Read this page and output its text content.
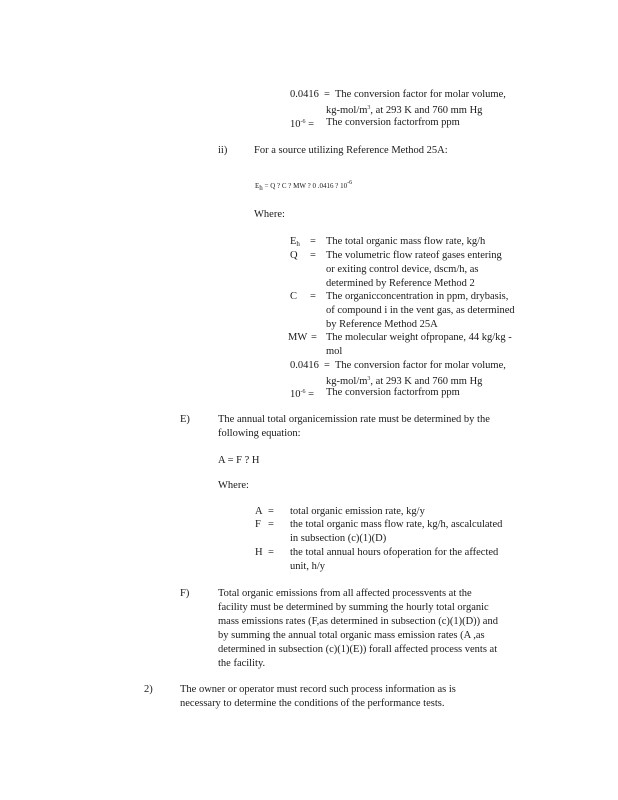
0.0416 = The conversion factor for molar volume,
$kg-mol/m^3$, at 293 K and 760 mm Hg
$10^{-6}$ = The conversion factorfrom ppm
ii)	For a source utilizing Reference Method 25A:
Eh = Q ? C ? MW ? 0 .0416 ? 10-6
Where:
$E_h$ = The total organic mass flow rate, kg/h
Q = The volumetric flow rateof gases entering
or exiting control device, dscm/h, as
determined by Reference Method 2
C = The organicconcentration in ppm, drybasis,
of compound i in the vent gas, as determined
by Reference Method 25A
MW = The molecular weight ofpropane, 44 kg/kg -
mol
0.0416 = The conversion factor for molar volume,
$kg-mol/m^3$, at 293 K and 760 mm Hg
$10^{-6}$ = The conversion factorfrom ppm
E)	The annual total organicemission rate must be determined by the
following equation:
A = F ? H
Where:
A = total organic emission rate, kg/y
F = the total organic mass flow rate, kg/h, ascalculated
in subsection (c)(1)(D)
H = the total annual hours ofoperation for the affected
unit, h/y
F)	Total organic emissions from all affected processvents at the
facility must be determined by summing the hourly total organic
mass emissions rates (F,as determined in subsection (c)(1)(D)) and
by summing the annual total organic mass emission rates (A ,as
determined in subsection (c)(1)(E)) forall affected process vents at
the facility.
2)	The owner or operator must record such process information as is
necessary to determine the conditions of the performance tests.
